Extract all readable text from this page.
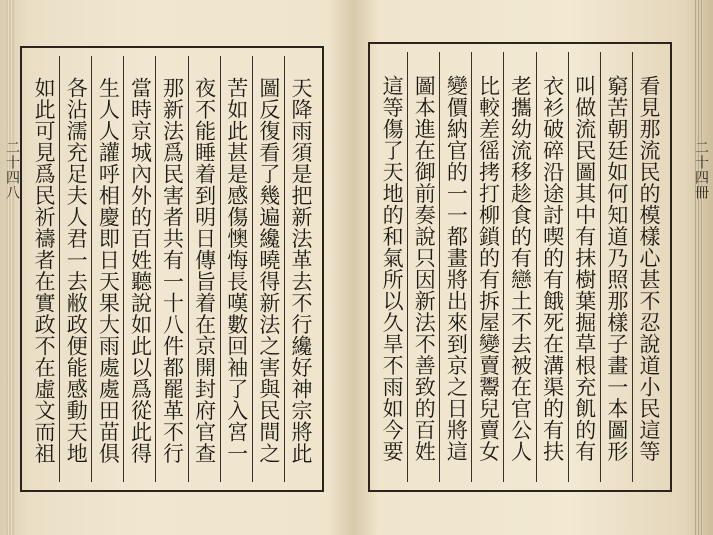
二十四八	天降雨須是把新法革去不行纔好神宗將此
圖反復看了幾遍纔曉得新法之害與民間之
苦如此甚是感傷懊悔長嘆數回袖了入宮一
夜不能睡着到明日傳旨着在京開封府官查
那新法爲民害者共有一十八件都罷革不行
當時京城內外的百姓聽說如此以爲從此得
生人人讙呼相慶即日天果大雨處處田苗俱
各沾濡充足夫人君一去敝政便能感動天地
如此可見爲民祈禱者在實政不在虛文而祖	看見那流民的模樣心甚不忍說道小民這等
窮苦朝廷如何知道乃照那樣子畫一本圖形
叫做流民圖其中有抹樹葉掘草根充飢的有
衣衫破碎沿途討喫的有餓死在溝渠的有扶
老攜幼流移趁食的有戀土不去被在官公人
比較差徭拷打柳鎖的有拆屋變賣鬻兒賣女
變價納官的一一都畫將出來到京之日將這
圖本進在御前奏說只因新法不善致的百姓
這等傷了天地的和氣所以久旱不雨如今要	二十四冊
